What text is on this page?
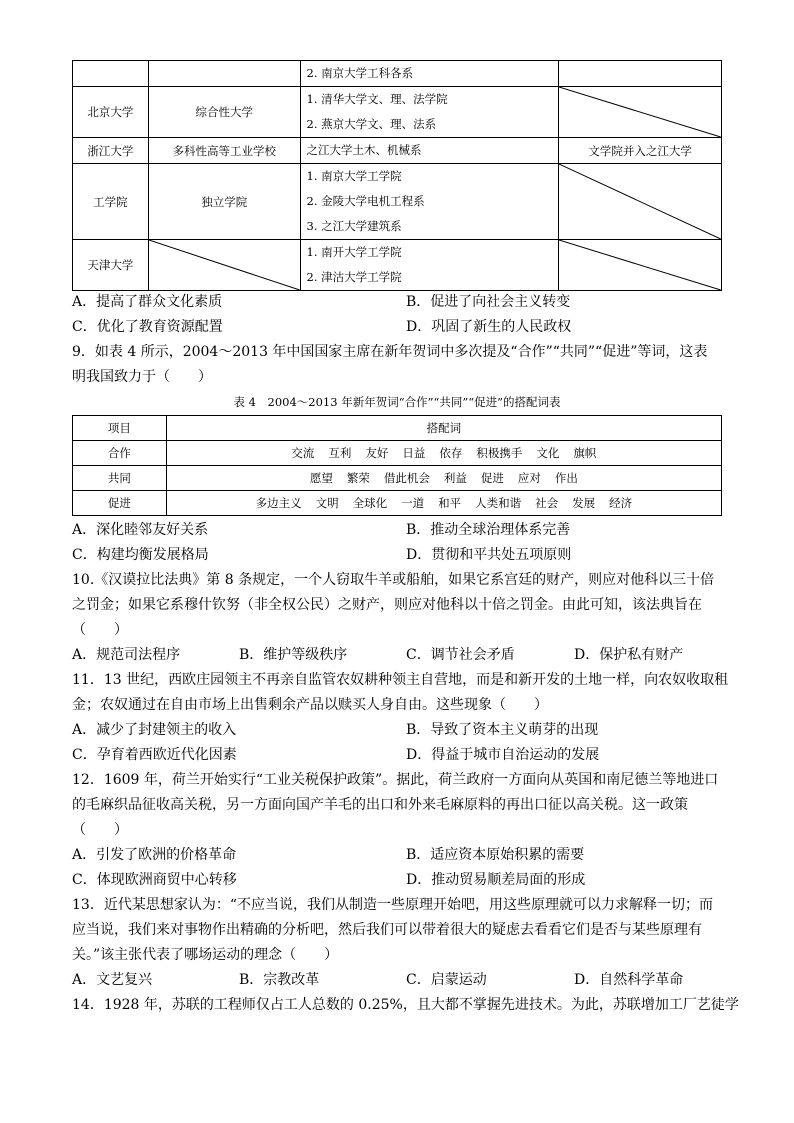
		2. 南京大学工科各系	

北京大学	综合性大学	1. 清华大学文、理、法学院
2. 燕京大学文、理、法系

浙江大学	多科性高等工业学校	之江大学土木、机械系	文学院并入之江大学
工学院	独立学院	1. 南京大学工学院
2. 金陵大学电机工程系
3. 之江大学建筑系

天津大学		1. 南开大学工学院
2. 津沽大学工学院

A．提高了群众文化素质	B．促进了向社会主义转变
C．优化了教育资源配置	D．巩固了新生的人民政权
9．如表 4 所示，2004～2013 年中国国家主席在新年贺词中多次提及“合作”“共同”“促进”等词，这表
明我国致力于（　　）
表 4　2004～2013 年新年贺词“合作”“共同”“促进”的搭配词表
项目	搭配词
合作	交流 互利 友好 日益 依存 积极携手 文化 旗帜
共同	愿望 繁荣 借此机会 利益 促进 应对 作出
促进	多边主义 文明 全球化 一道 和平 人类和谐 社会 发展 经济
A．深化睦邻友好关系	B．推动全球治理体系完善
C．构建均衡发展格局	D．贯彻和平共处五项原则
10.《汉谟拉比法典》第 8 条规定，一个人窃取牛羊或船舶，如果它系宫廷的财产，则应对他科以三十倍
之罚金；如果它系穆什钦努（非全权公民）之财产，则应对他科以十倍之罚金。由此可知，该法典旨在
（　　）
A．规范司法程序	B．维护等级秩序	C．调节社会矛盾	D．保护私有财产
11．13 世纪，西欧庄园领主不再亲自监管农奴耕种领主自营地，而是和新开发的土地一样，向农奴收取租
金；农奴通过在自由市场上出售剩余产品以赎买人身自由。这些现象（　　）
A．减少了封建领主的收入	B．导致了资本主义萌芽的出现
C．孕育着西欧近代化因素	D．得益于城市自治运动的发展
12．1609 年，荷兰开始实行“工业关税保护政策”。据此，荷兰政府一方面向从英国和南尼德兰等地进口
的毛麻织品征收高关税，另一方面向国产羊毛的出口和外来毛麻原料的再出口征以高关税。这一政策
（　　）
A．引发了欧洲的价格革命	B．适应资本原始积累的需要
C．体现欧洲商贸中心转移	D．推动贸易顺差局面的形成
13．近代某思想家认为：“不应当说，我们从制造一些原理开始吧，用这些原理就可以力求解释一切；而
应当说，我们来对事物作出精确的分析吧，然后我们可以带着很大的疑虑去看看它们是否与某些原理有
关。”该主张代表了哪场运动的理念（　　）
A．文艺复兴	B．宗教改革	C．启蒙运动	D．自然科学革命
14．1928 年，苏联的工程师仅占工人总数的 0.25%，且大都不掌握先进技术。为此，苏联增加工厂艺徒学
